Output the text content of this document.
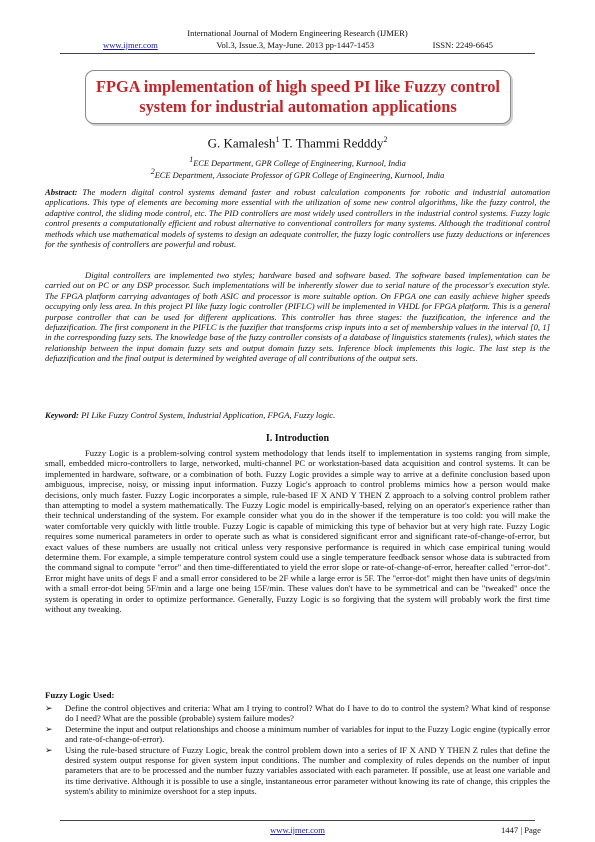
International Journal of Modern Engineering Research (IJMER)
www.ijmer.com	Vol.3, Issue.3, May-June. 2013 pp-1447-1453	ISSN: 2249-6645
FPGA implementation of high speed PI like Fuzzy control system for industrial automation applications
G. Kamalesh$^1$ T. Thammi Redddy$^2$
$^1$ECE Department, GPR College of Engineering, Kurnool, India
$^2$ECE Department, Associate Professor of GPR College of Engineering, Kurnool, India
Abstract: The modern digital control systems demand faster and robust calculation components for robotic and industrial automation applications. This type of elements are becoming more essential with the utilization of some new control algorithms, like the fuzzy control, the adaptive control, the sliding mode control, etc. The PID controllers are most widely used controllers in the industrial control systems. Fuzzy logic control presents a computationally efficient and robust alternative to conventional controllers for many systems. Although the traditional control methods which use mathematical models of systems to design an adequate controller, the fuzzy logic controllers use fuzzy deductions or inferences for the synthesis of controllers are powerful and robust.
Digital controllers are implemented two styles; hardware based and software based. The software based implementation can be carried out on PC or any DSP processor. Such implementations will be inherently slower due to serial nature of the processor's execution style. The FPGA platform carrying advantages of both ASIC and processor is more suitable option. On FPGA one can easily achieve higher speeds occupying only less area. In this project PI like fuzzy logic controller (PIFLC) will be implemented in VHDL for FPGA platform. This is a general purpose controller that can be used for different applications. This controller has three stages: the fuzzification, the inference and the defuzzification. The first component in the PIFLC is the fuzzifier that transforms crisp inputs into a set of membership values in the interval [0, 1] in the corresponding fuzzy sets. The knowledge base of the fuzzy controller consists of a database of linguistics statements (rules), which states the relationship between the input domain fuzzy sets and output domain fuzzy sets. Inference block implements this logic. The last step is the defuzzification and the final output is determined by weighted average of all contributions of the output sets.
Keyword: PI Like Fuzzy Control System, Industrial Application, FPGA, Fuzzy logic.
I. Introduction
Fuzzy Logic is a problem-solving control system methodology that lends itself to implementation in systems ranging from simple, small, embedded micro-controllers to large, networked, multi-channel PC or workstation-based data acquisition and control systems. It can be implemented in hardware, software, or a combination of both. Fuzzy Logic provides a simple way to arrive at a definite conclusion based upon ambiguous, imprecise, noisy, or missing input information. Fuzzy Logic's approach to control problems mimics how a person would make decisions, only much faster. Fuzzy Logic incorporates a simple, rule-based IF X AND Y THEN Z approach to a solving control problem rather than attempting to model a system mathematically. The Fuzzy Logic model is empirically-based, relying on an operator's experience rather than their technical understanding of the system. For example consider what you do in the shower if the temperature is too cold: you will make the water comfortable very quickly with little trouble. Fuzzy Logic is capable of mimicking this type of behavior but at very high rate. Fuzzy Logic requires some numerical parameters in order to operate such as what is considered significant error and significant rate-of-change-of-error, but exact values of these numbers are usually not critical unless very responsive performance is required in which case empirical tuning would determine them. For example, a simple temperature control system could use a single temperature feedback sensor whose data is subtracted from the command signal to compute "error" and then time-differentiated to yield the error slope or rate-of-change-of-error, hereafter called "error-dot". Error might have units of degs F and a small error considered to be 2F while a large error is 5F. The "error-dot" might then have units of degs/min with a small error-dot being 5F/min and a large one being 15F/min. These values don't have to be symmetrical and can be "tweaked" once the system is operating in order to optimize performance. Generally, Fuzzy Logic is so forgiving that the system will probably work the first time without any tweaking.
Fuzzy Logic Used:
➢	Define the control objectives and criteria: What am I trying to control? What do I have to do to control the system? What kind of response do I need? What are the possible (probable) system failure modes?
➢	Determine the input and output relationships and choose a minimum number of variables for input to the Fuzzy Logic engine (typically error and rate-of-change-of-error).
➢	Using the rule-based structure of Fuzzy Logic, break the control problem down into a series of IF X AND Y THEN Z rules that define the desired system output response for given system input conditions. The number and complexity of rules depends on the number of input parameters that are to be processed and the number fuzzy variables associated with each parameter. If possible, use at least one variable and its time derivative. Although it is possible to use a single, instantaneous error parameter without knowing its rate of change, this cripples the system's ability to minimize overshoot for a step inputs.
www.ijmer.com	1447 | Page
